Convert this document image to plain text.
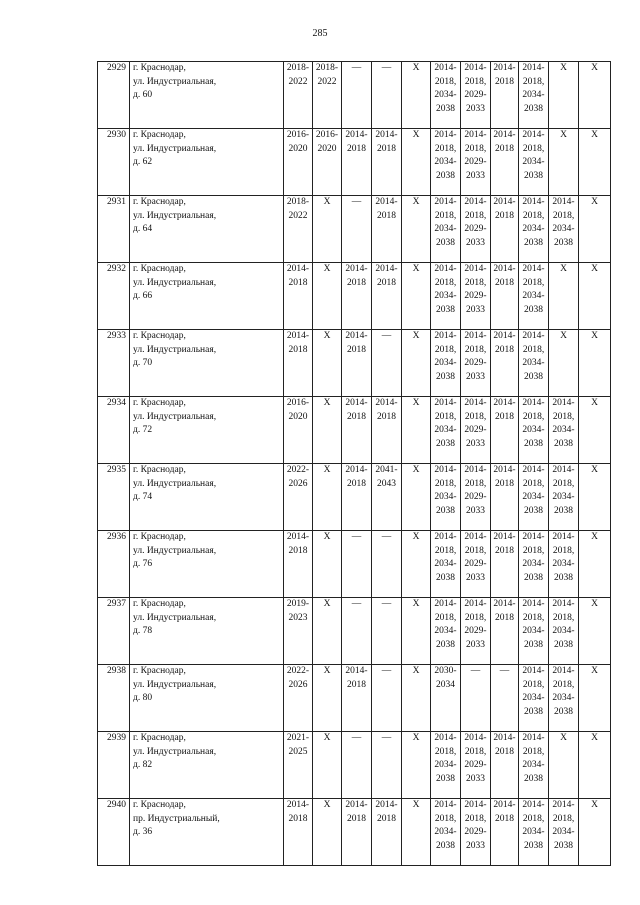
285
2929	г. Краснодар,
ул. Индустриальная,
д. 60	2018-
2022	2018-
2022	—	—	X	2014-
2018,
2034-
2038	2014-
2018,
2029-
2033	2014-
2018	2014-
2018,
2034-
2038	X	X
2930	г. Краснодар,
ул. Индустриальная,
д. 62	2016-
2020	2016-
2020	2014-
2018	2014-
2018	X	2014-
2018,
2034-
2038	2014-
2018,
2029-
2033	2014-
2018	2014-
2018,
2034-
2038	X	X
2931	г. Краснодар,
ул. Индустриальная,
д. 64	2018-
2022	X	—	2014-
2018	X	2014-
2018,
2034-
2038	2014-
2018,
2029-
2033	2014-
2018	2014-
2018,
2034-
2038	2014-
2018,
2034-
2038	X
2932	г. Краснодар,
ул. Индустриальная,
д. 66	2014-
2018	X	2014-
2018	2014-
2018	X	2014-
2018,
2034-
2038	2014-
2018,
2029-
2033	2014-
2018	2014-
2018,
2034-
2038	X	X
2933	г. Краснодар,
ул. Индустриальная,
д. 70	2014-
2018	X	2014-
2018	—	X	2014-
2018,
2034-
2038	2014-
2018,
2029-
2033	2014-
2018	2014-
2018,
2034-
2038	X	X
2934	г. Краснодар,
ул. Индустриальная,
д. 72	2016-
2020	X	2014-
2018	2014-
2018	X	2014-
2018,
2034-
2038	2014-
2018,
2029-
2033	2014-
2018	2014-
2018,
2034-
2038	2014-
2018,
2034-
2038	X
2935	г. Краснодар,
ул. Индустриальная,
д. 74	2022-
2026	X	2014-
2018	2041-
2043	X	2014-
2018,
2034-
2038	2014-
2018,
2029-
2033	2014-
2018	2014-
2018,
2034-
2038	2014-
2018,
2034-
2038	X
2936	г. Краснодар,
ул. Индустриальная,
д. 76	2014-
2018	X	—	—	X	2014-
2018,
2034-
2038	2014-
2018,
2029-
2033	2014-
2018	2014-
2018,
2034-
2038	2014-
2018,
2034-
2038	X
2937	г. Краснодар,
ул. Индустриальная,
д. 78	2019-
2023	X	—	—	X	2014-
2018,
2034-
2038	2014-
2018,
2029-
2033	2014-
2018	2014-
2018,
2034-
2038	2014-
2018,
2034-
2038	X
2938	г. Краснодар,
ул. Индустриальная,
д. 80	2022-
2026	X	2014-
2018	—	X	2030-
2034	—	—	2014-
2018,
2034-
2038	2014-
2018,
2034-
2038	X
2939	г. Краснодар,
ул. Индустриальная,
д. 82	2021-
2025	X	—	—	X	2014-
2018,
2034-
2038	2014-
2018,
2029-
2033	2014-
2018	2014-
2018,
2034-
2038	X	X
2940	г. Краснодар,
пр. Индустриальный,
д. 36	2014-
2018	X	2014-
2018	2014-
2018	X	2014-
2018,
2034-
2038	2014-
2018,
2029-
2033	2014-
2018	2014-
2018,
2034-
2038	2014-
2018,
2034-
2038	X
